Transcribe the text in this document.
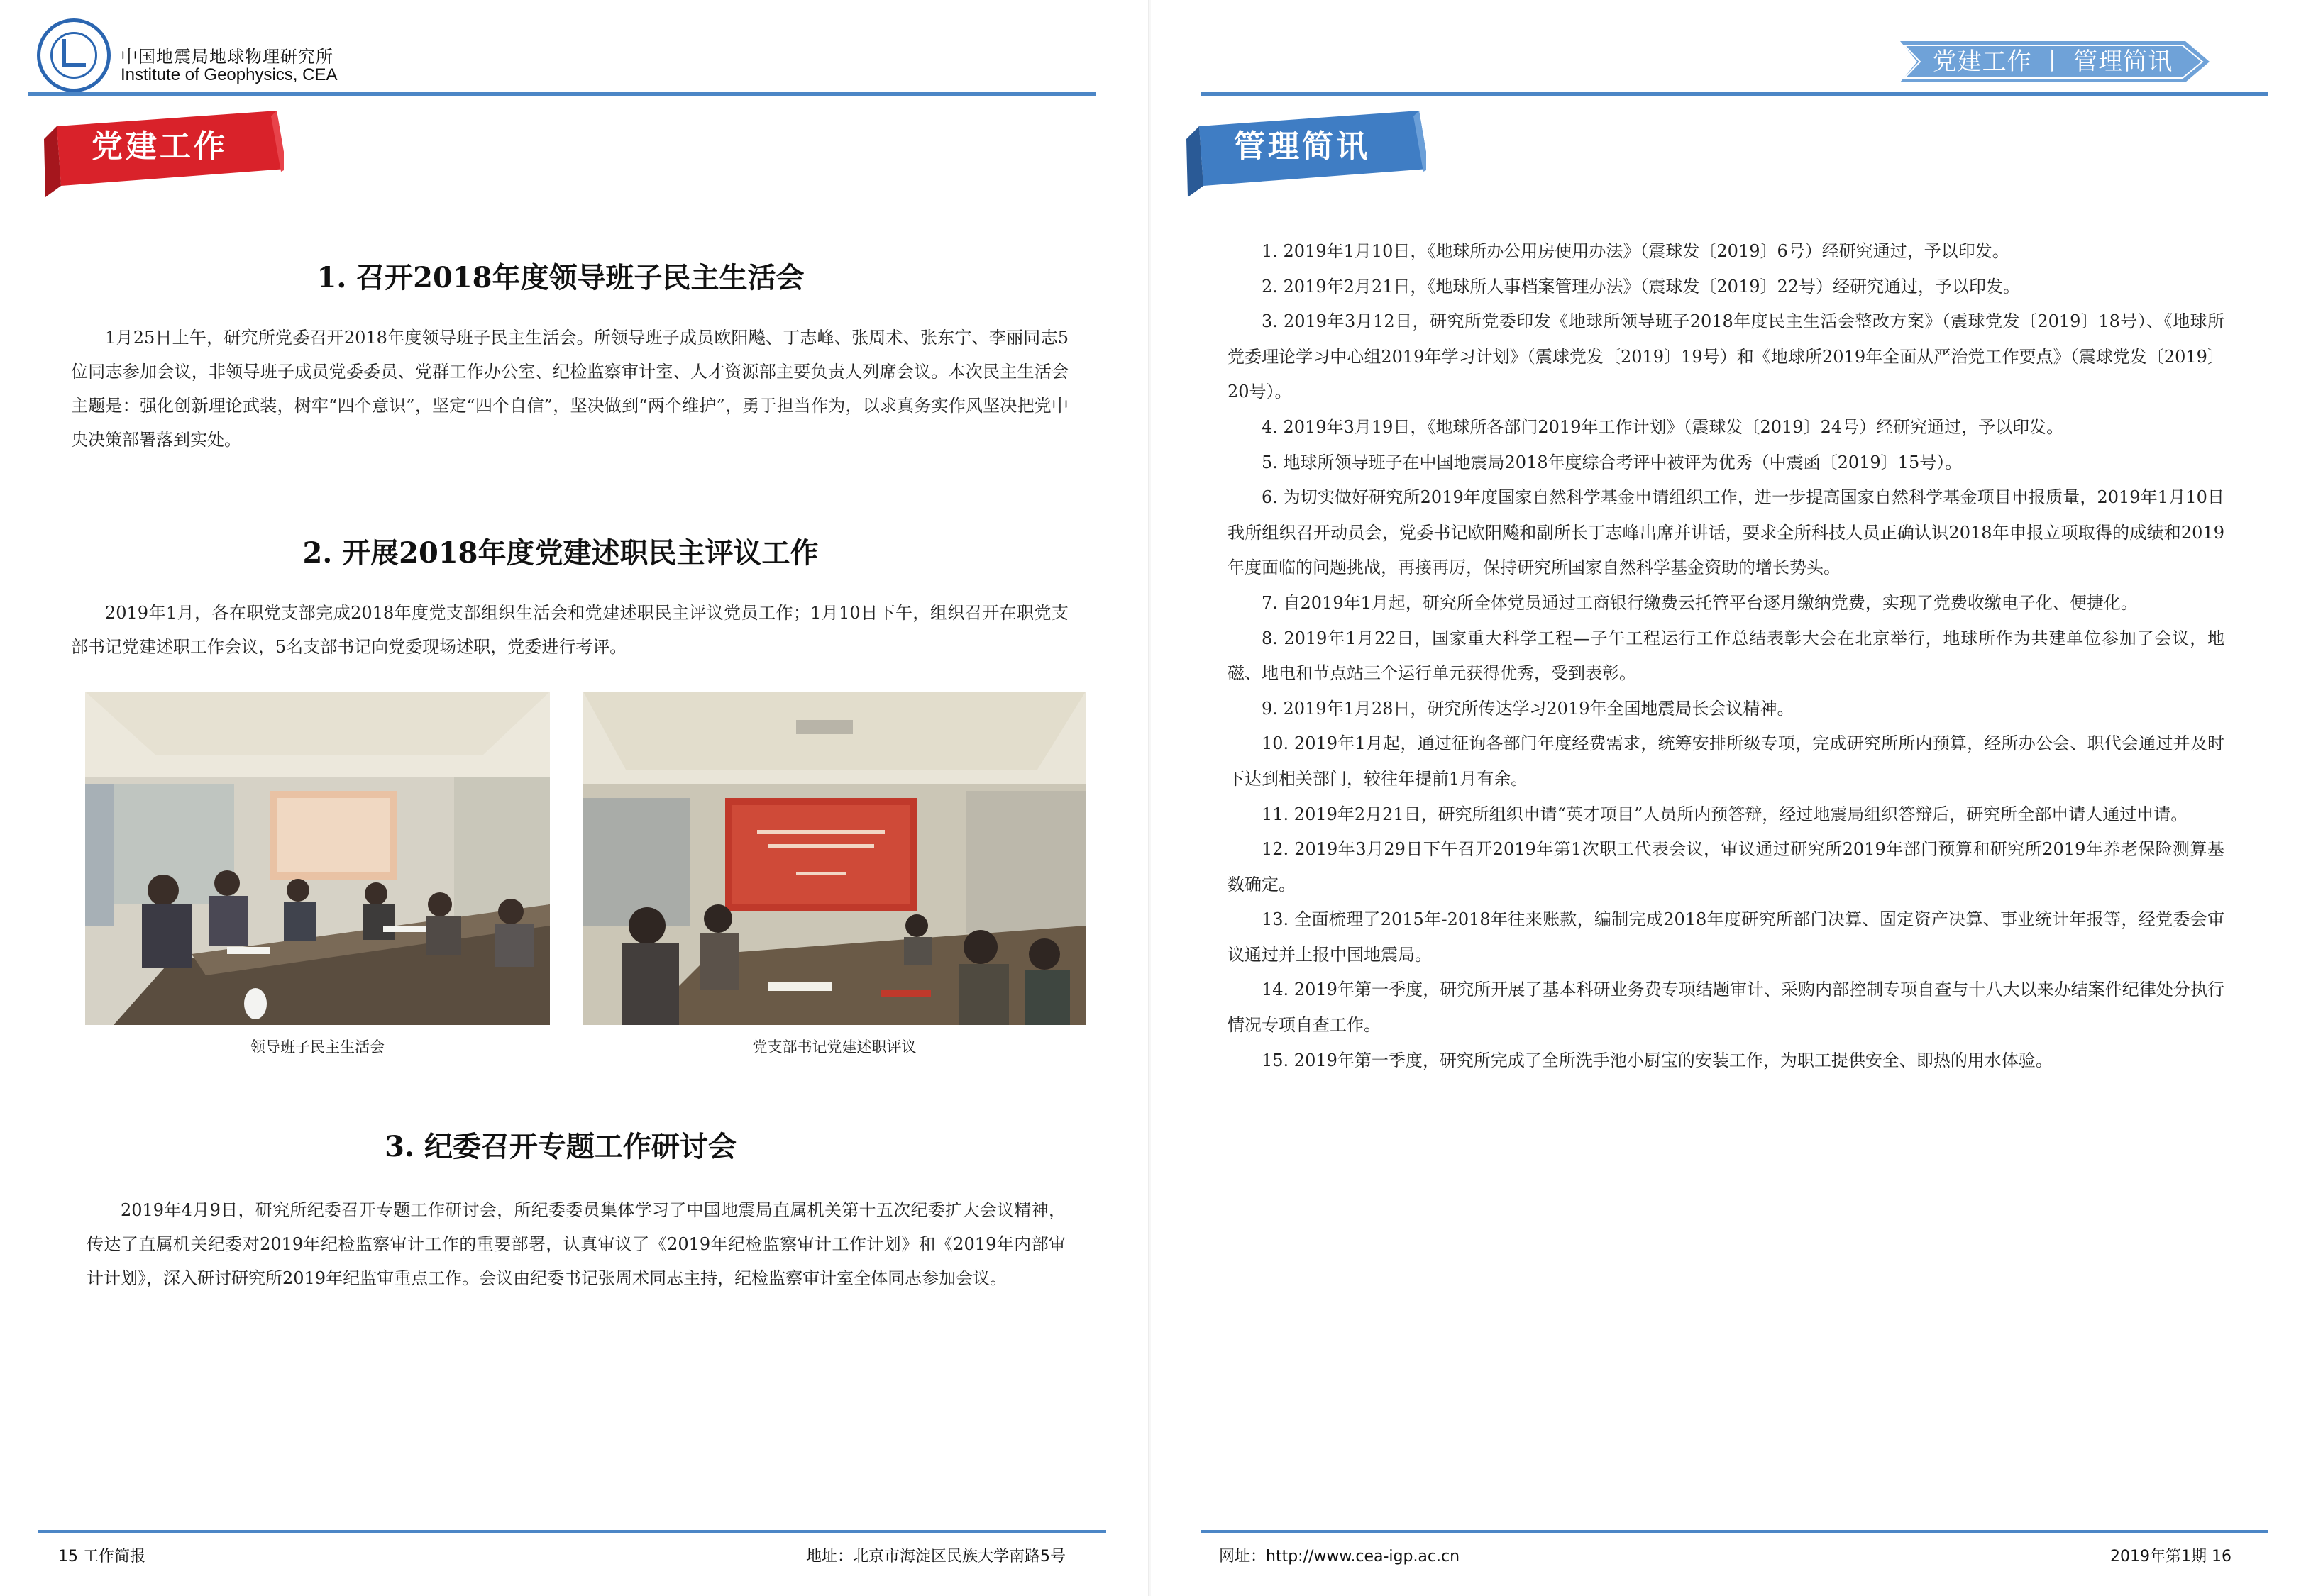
中国地震局地球物理研究所
Institute of Geophysics, CEA
党建工作
1. 召开2018年度领导班子民主生活会
1月25日上午，研究所党委召开2018年度领导班子民主生活会。所领导班子成员欧阳飚、丁志峰、张周术、张东宁、李丽同志5位同志参加会议，非领导班子成员党委委员、党群工作办公室、纪检监察审计室、人才资源部主要负责人列席会议。本次民主生活会主题是：强化创新理论武装，树牢“四个意识”，坚定“四个自信”，坚决做到“两个维护”，勇于担当作为，以求真务实作风坚决把党中央决策部署落到实处。
2. 开展2018年度党建述职民主评议工作
2019年1月，各在职党支部完成2018年度党支部组织生活会和党建述职民主评议党员工作；1月10日下午，组织召开在职党支部书记党建述职工作会议，5名支部书记向党委现场述职，党委进行考评。
领导班子民主生活会	党支部书记党建述职评议
3. 纪委召开专题工作研讨会
2019年4月9日，研究所纪委召开专题工作研讨会，所纪委委员集体学习了中国地震局直属机关第十五次纪委扩大会议精神，传达了直属机关纪委对2019年纪检监察审计工作的重要部署，认真审议了《2019年纪检监察审计工作计划》和《2019年内部审计计划》，深入研讨研究所2019年纪监审重点工作。会议由纪委书记张周术同志主持，纪检监察审计室全体同志参加会议。
15 工作简报	地址：北京市海淀区民族大学南路5号
党建工作 丨 管理简讯
管理简讯
1. 2019年1月10日，《地球所办公用房使用办法》（震球发〔2019〕6号）经研究通过，予以印发。
2. 2019年2月21日，《地球所人事档案管理办法》（震球发〔2019〕22号）经研究通过，予以印发。
3. 2019年3月12日，研究所党委印发《地球所领导班子2018年度民主生活会整改方案》（震球党发〔2019〕18号）、《地球所党委理论学习中心组2019年学习计划》（震球党发〔2019〕19号）和《地球所2019年全面从严治党工作要点》（震球党发〔2019〕20号）。
4. 2019年3月19日，《地球所各部门2019年工作计划》（震球发〔2019〕24号）经研究通过，予以印发。
5. 地球所领导班子在中国地震局2018年度综合考评中被评为优秀（中震函〔2019〕15号）。
6. 为切实做好研究所2019年度国家自然科学基金申请组织工作，进一步提高国家自然科学基金项目申报质量，2019年1月10日我所组织召开动员会，党委书记欧阳飚和副所长丁志峰出席并讲话，要求全所科技人员正确认识2018年申报立项取得的成绩和2019年度面临的问题挑战，再接再厉，保持研究所国家自然科学基金资助的增长势头。
7. 自2019年1月起，研究所全体党员通过工商银行缴费云托管平台逐月缴纳党费，实现了党费收缴电子化、便捷化。
8. 2019年1月22日，国家重大科学工程—子午工程运行工作总结表彰大会在北京举行，地球所作为共建单位参加了会议，地磁、地电和节点站三个运行单元获得优秀，受到表彰。
9. 2019年1月28日，研究所传达学习2019年全国地震局长会议精神。
10. 2019年1月起，通过征询各部门年度经费需求，统筹安排所级专项，完成研究所所内预算，经所办公会、职代会通过并及时下达到相关部门，较往年提前1月有余。
11. 2019年2月21日，研究所组织申请“英才项目”人员所内预答辩，经过地震局组织答辩后，研究所全部申请人通过申请。
12. 2019年3月29日下午召开2019年第1次职工代表会议，审议通过研究所2019年部门预算和研究所2019年养老保险测算基数确定。
13. 全面梳理了2015年-2018年往来账款，编制完成2018年度研究所部门决算、固定资产决算、事业统计年报等，经党委会审议通过并上报中国地震局。
14. 2019年第一季度，研究所开展了基本科研业务费专项结题审计、采购内部控制专项自查与十八大以来办结案件纪律处分执行情况专项自查工作。
15. 2019年第一季度，研究所完成了全所洗手池小厨宝的安装工作，为职工提供安全、即热的用水体验。
网址：http://www.cea-igp.ac.cn	2019年第1期 16
